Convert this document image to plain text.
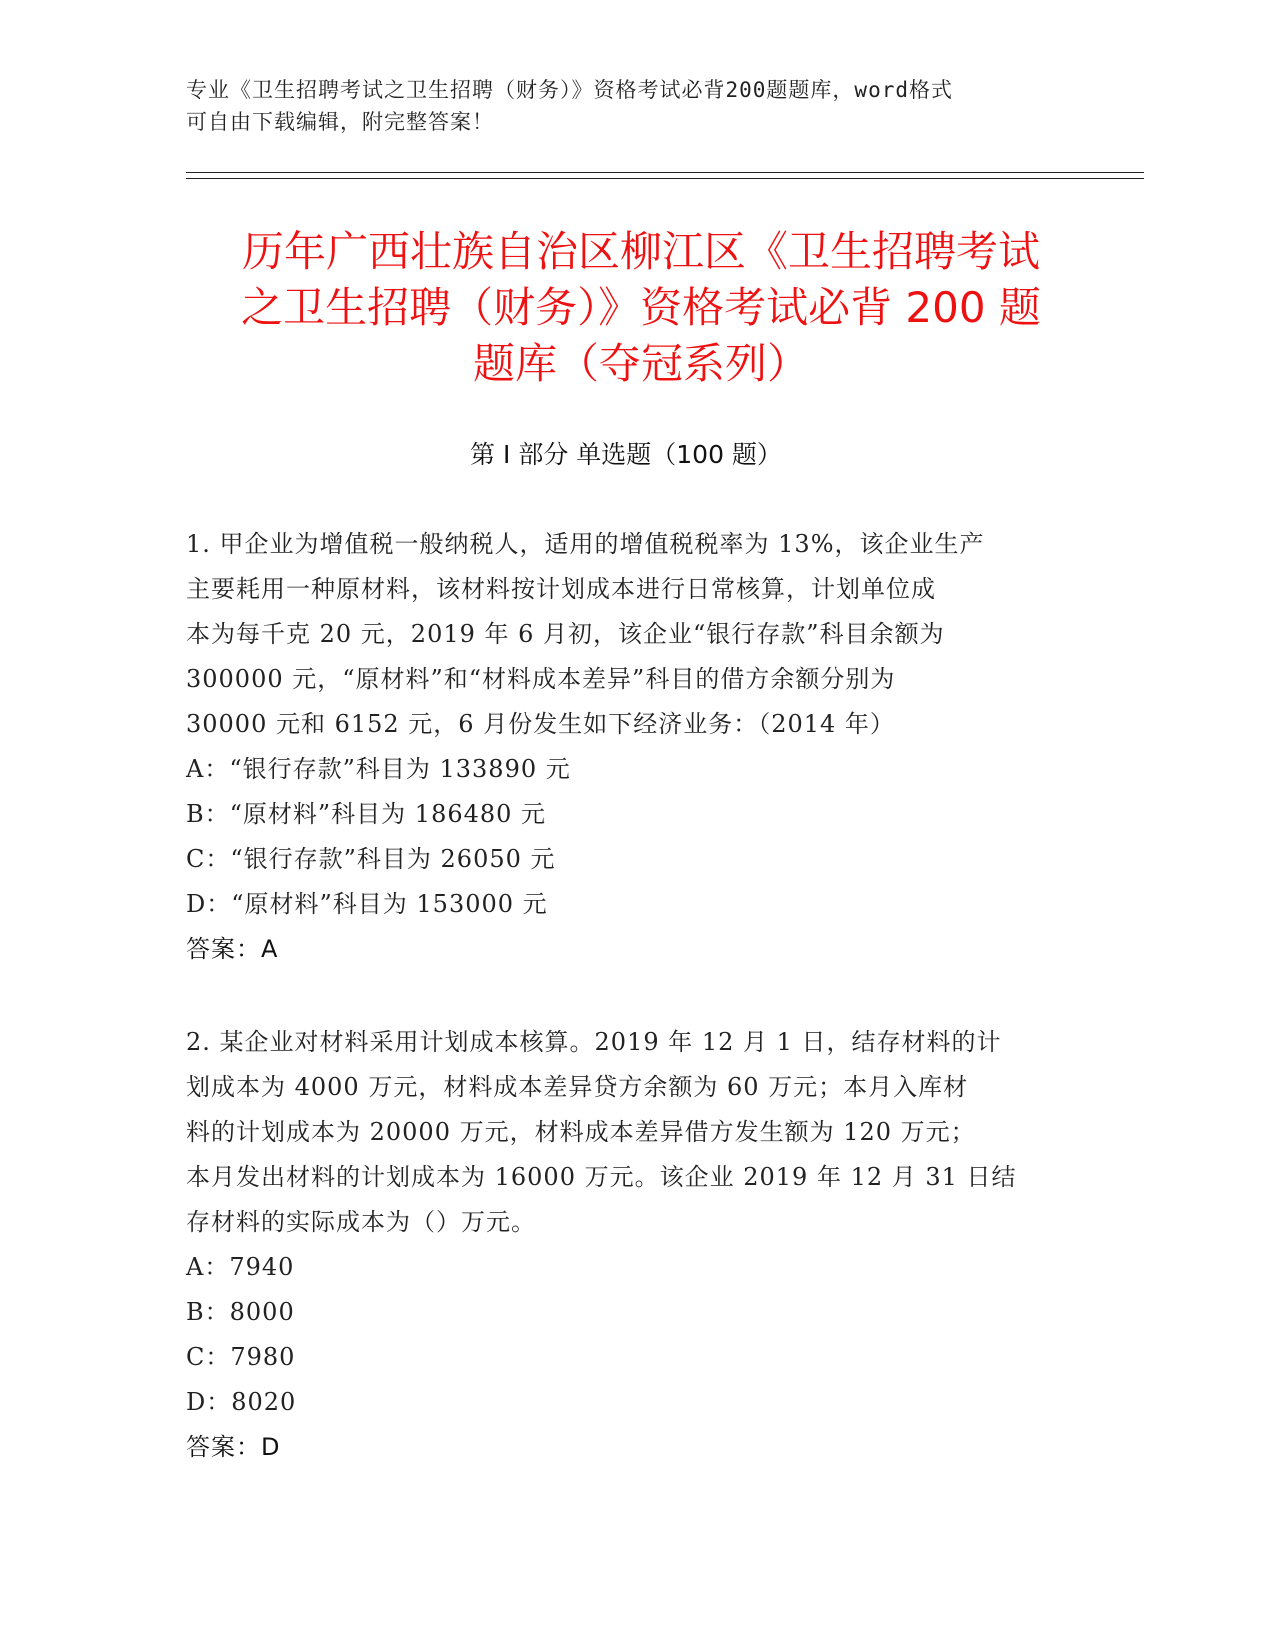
专业《卫生招聘考试之卫生招聘（财务）》资格考试必背200题题库，word格式
可自由下载编辑，附完整答案！
历年广西壮族自治区柳江区《卫生招聘考试
之卫生招聘（财务）》资格考试必背 200 题
题库（夺冠系列）
第 I 部分 单选题（100 题）
1. 甲企业为增值税一般纳税人，适用的增值税税率为 13%，该企业生产
主要耗用一种原材料，该材料按计划成本进行日常核算，计划单位成
本为每千克 20 元，2019 年 6 月初，该企业“银行存款”科目余额为
300000 元，“原材料”和“材料成本差异”科目的借方余额分别为
30000 元和 6152 元，6 月份发生如下经济业务：（2014 年）
A：“银行存款”科目为 133890 元
B：“原材料”科目为 186480 元
C：“银行存款”科目为 26050 元
D：“原材料”科目为 153000 元
答案：A
2. 某企业对材料采用计划成本核算。2019 年 12 月 1 日，结存材料的计
划成本为 4000 万元，材料成本差异贷方余额为 60 万元；本月入库材
料的计划成本为 20000 万元，材料成本差异借方发生额为 120 万元；
本月发出材料的计划成本为 16000 万元。该企业 2019 年 12 月 31 日结
存材料的实际成本为（）万元。
A：7940
B：8000
C：7980
D：8020
答案：D
